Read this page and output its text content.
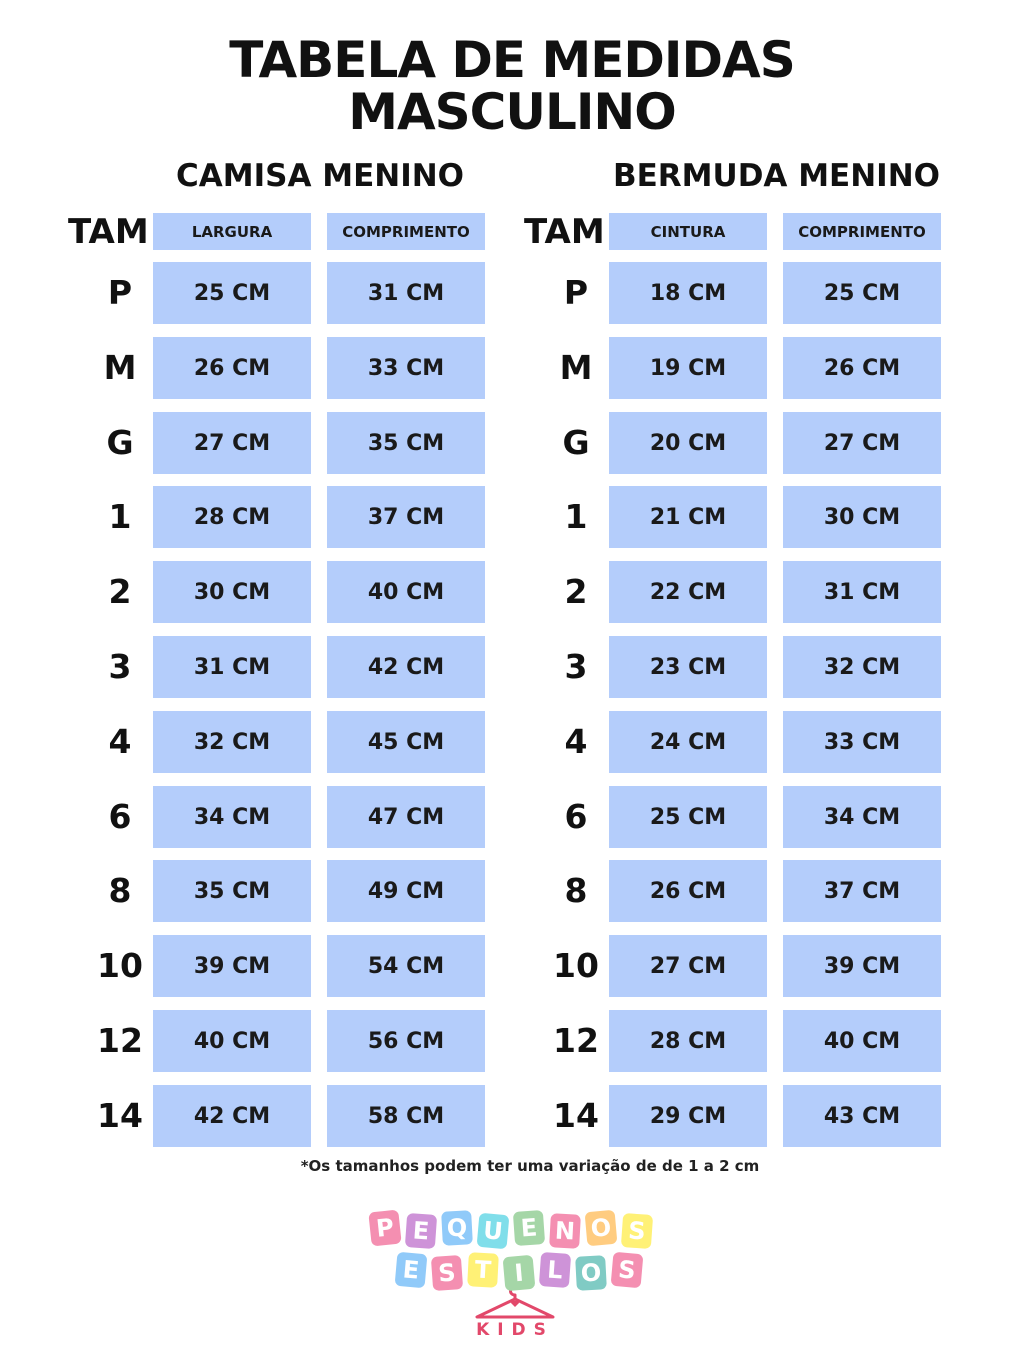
TABELA DE MEDIDAS
MASCULINO
CAMISA MENINO	BERMUDA MENINO
TAM	LARGURA	COMPRIMENTO
P	25 CM	31 CM
M	26 CM	33 CM
G	27 CM	35 CM
1	28 CM	37 CM
2	30 CM	40 CM
3	31 CM	42 CM
4	32 CM	45 CM
6	34 CM	47 CM
8	35 CM	49 CM
10	39 CM	54 CM
12	40 CM	56 CM
14	42 CM	58 CM
TAM	CINTURA	COMPRIMENTO
P	18 CM	25 CM
M	19 CM	26 CM
G	20 CM	27 CM
1	21 CM	30 CM
2	22 CM	31 CM
3	23 CM	32 CM
4	24 CM	33 CM
6	25 CM	34 CM
8	26 CM	37 CM
10	27 CM	39 CM
12	28 CM	40 CM
14	29 CM	43 CM
*Os tamanhos podem ter uma variação de de 1 a 2 cm
KIDS
P E Q U E N O S
E S T I L O S
